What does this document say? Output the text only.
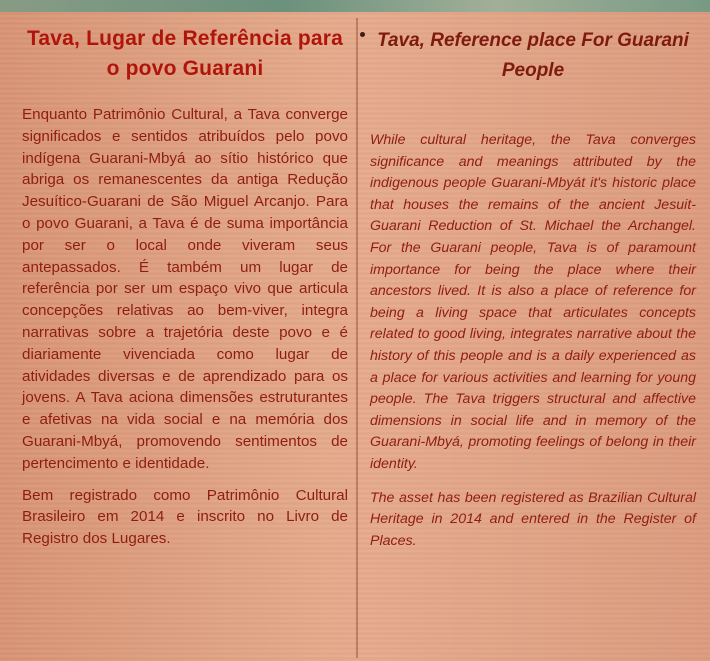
Tava, Lugar de Referência para o povo Guarani

Enquanto Patrimônio Cultural, a Tava converge significados e sentidos atribuídos pelo povo indígena Guarani-Mbyá ao sítio histórico que abriga os remanescentes da antiga Redução Jesuítico-Guarani de São Miguel Arcanjo. Para o povo Guarani, a Tava é de suma importância por ser o local onde viveram seus antepassados. É também um lugar de referência por ser um espaço vivo que articula concepções relativas ao bem-viver, integra narrativas sobre a trajetória deste povo e é diariamente vivenciada como lugar de atividades diversas e de aprendizado para os jovens. A Tava aciona dimensões estruturantes e afetivas na vida social e na memória dos Guarani-Mbyá, promovendo sentimentos de pertencimento e identidade.

Bem registrado como Patrimônio Cultural Brasileiro em 2014 e inscrito no Livro de Registro dos Lugares.

Tava, Reference place For Guarani People

While cultural heritage, the Tava converges significance and meanings attributed by the indigenous people Guarani-Mbyát it's historic place that houses the remains of the ancient Jesuit-Guarani Reduction of St. Michael the Archangel. For the Guarani people, Tava is of paramount importance for being the place where their ancestors lived. It is also a place of reference for being a living space that articulates concepts related to good living, integrates narrative about the history of this people and is a daily experienced as a place for various activities and learning for young people. The Tava triggers structural and affective dimensions in social life and in memory of the Guarani-Mbyá, promoting feelings of belong in their identity.

The asset has been registered as Brazilian Cultural Heritage in 2014 and entered in the Register of Places.
